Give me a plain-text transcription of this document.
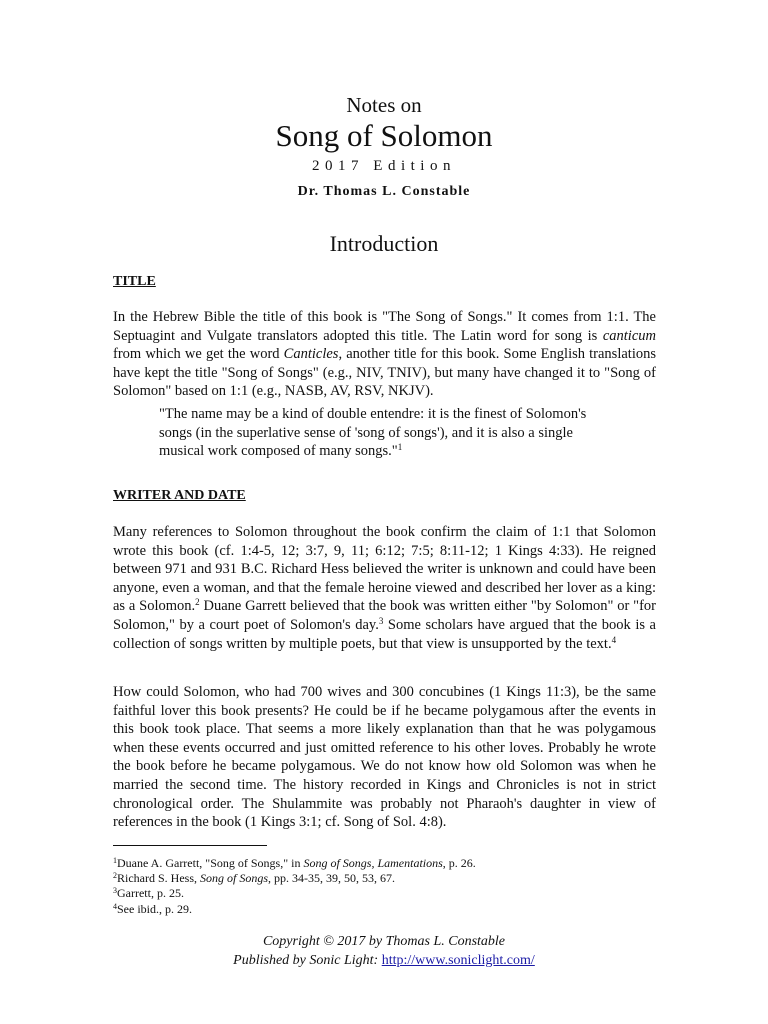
Notes on
Song of Solomon
2017 Edition
Dr. Thomas L. Constable
Introduction
TITLE
In the Hebrew Bible the title of this book is "The Song of Songs." It comes from 1:1. The Septuagint and Vulgate translators adopted this title. The Latin word for song is canticum from which we get the word Canticles, another title for this book. Some English translations have kept the title "Song of Songs" (e.g., NIV, TNIV), but many have changed it to "Song of Solomon" based on 1:1 (e.g., NASB, AV, RSV, NKJV).
"The name may be a kind of double entendre: it is the finest of Solomon's songs (in the superlative sense of 'song of songs'), and it is also a single musical work composed of many songs."$^1$
WRITER AND DATE
Many references to Solomon throughout the book confirm the claim of 1:1 that Solomon wrote this book (cf. 1:4-5, 12; 3:7, 9, 11; 6:12; 7:5; 8:11-12; 1 Kings 4:33). He reigned between 971 and 931 B.C. Richard Hess believed the writer is unknown and could have been anyone, even a woman, and that the female heroine viewed and described her lover as a king: as a Solomon.$^2$ Duane Garrett believed that the book was written either "by Solomon" or "for Solomon," by a court poet of Solomon's day.$^3$ Some scholars have argued that the book is a collection of songs written by multiple poets, but that view is unsupported by the text.$^4$
How could Solomon, who had 700 wives and 300 concubines (1 Kings 11:3), be the same faithful lover this book presents? He could be if he became polygamous after the events in this book took place. That seems a more likely explanation than that he was polygamous when these events occurred and just omitted reference to his other loves. Probably he wrote the book before he became polygamous. We do not know how old Solomon was when he married the second time. The history recorded in Kings and Chronicles is not in strict chronological order. The Shulammite was probably not Pharaoh's daughter in view of references in the book (1 Kings 3:1; cf. Song of Sol. 4:8).
$^1$Duane A. Garrett, "Song of Songs," in Song of Songs, Lamentations, p. 26.
$^2$Richard S. Hess, Song of Songs, pp. 34-35, 39, 50, 53, 67.
$^3$Garrett, p. 25.
$^4$See ibid., p. 29.
Copyright © 2017 by Thomas L. Constable
Published by Sonic Light: http://www.soniclight.com/
